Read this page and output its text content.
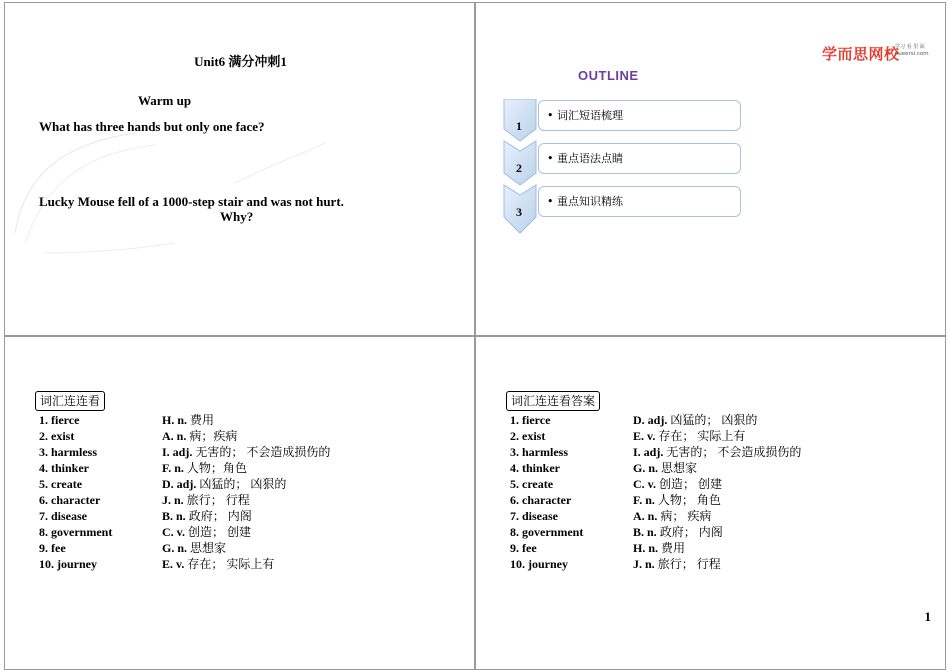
Unit6 满分冲刺1
Warm up
What has three hands but only one face?
Lucky Mouse fell of a 1000-step stair and was not hurt.
Why?
学而思网校
学习 看 里 面
xueersi.com
OUTLINE
1
2
3
• 词汇短语梳理
• 重点语法点睛
• 重点知识精练
词汇连连看
1. fierce	H. n. 费用
2. exist	A. n. 病；疾病
3. harmless	I. adj. 无害的； 不会造成损伤的
4. thinker	F. n. 人物；角色
5. create	D. adj. 凶猛的； 凶狠的
6. character	J. n. 旅行； 行程
7. disease	B. n. 政府； 内阁
8. government	C. v. 创造； 创建
9. fee	G. n. 思想家
10. journey	E. v. 存在； 实际上有
词汇连连看答案
1. fierce	D. adj. 凶猛的； 凶狠的
2. exist	E. v. 存在； 实际上有
3. harmless	I. adj. 无害的； 不会造成损伤的
4. thinker	G. n. 思想家
5. create	C. v. 创造； 创建
6. character	F. n. 人物； 角色
7. disease	A. n. 病； 疾病
8. government	B. n. 政府； 内阁
9. fee	H. n. 费用
10. journey	J. n. 旅行； 行程
1
